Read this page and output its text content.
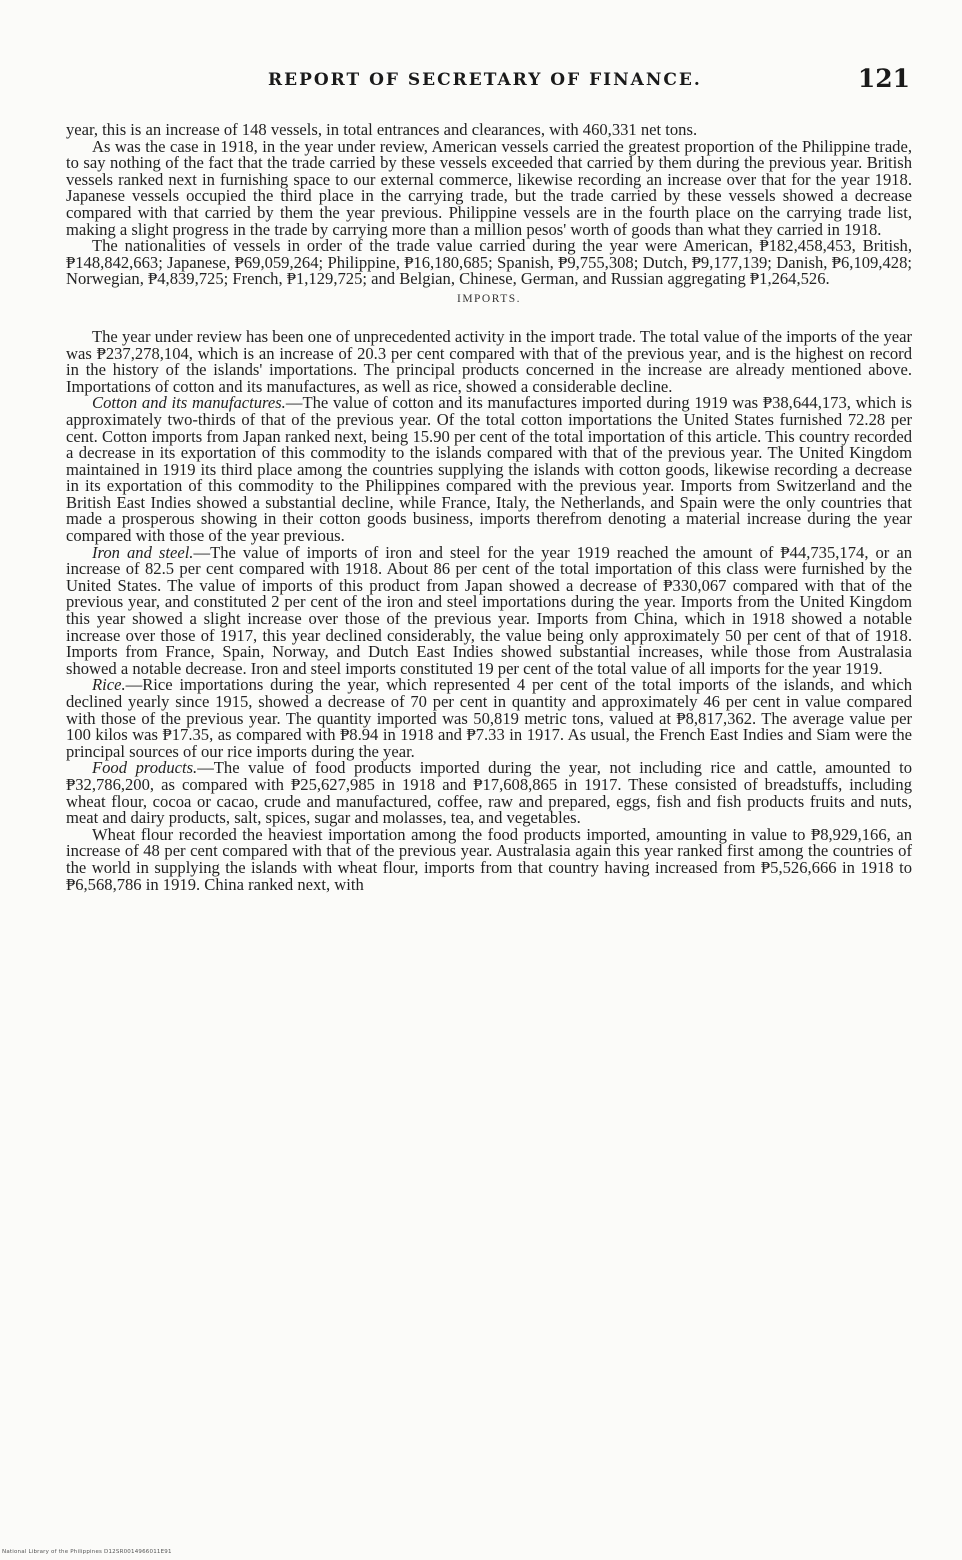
REPORT OF SECRETARY OF FINANCE.	121

year, this is an increase of 148 vessels, in total entrances and clearances, with 460,331 net tons.

As was the case in 1918, in the year under review, American vessels carried the greatest proportion of the Philippine trade, to say nothing of the fact that the trade carried by these vessels exceeded that carried by them during the previous year. British vessels ranked next in furnishing space to our external commerce, likewise recording an increase over that for the year 1918. Japanese vessels occupied the third place in the carrying trade, but the trade carried by these vessels showed a decrease compared with that carried by them the year previous. Philippine vessels are in the fourth place on the carrying trade list, making a slight progress in the trade by carrying more than a million pesos' worth of goods than what they carried in 1918.

The nationalities of vessels in order of the trade value carried during the year were American, ₱182,458,453, British, ₱148,842,663; Japanese, ₱69,059,264; Philippine, ₱16,180,685; Spanish, ₱9,755,308; Dutch, ₱9,177,139; Danish, ₱6,109,428; Norwegian, ₱4,839,725; French, ₱1,129,725; and Belgian, Chinese, German, and Russian aggregating ₱1,264,526.

IMPORTS.

The year under review has been one of unprecedented activity in the import trade. The total value of the imports of the year was ₱237,278,104, which is an increase of 20.3 per cent compared with that of the previous year, and is the highest on record in the history of the islands' importations. The principal products concerned in the increase are already mentioned above. Importations of cotton and its manufactures, as well as rice, showed a considerable decline.

Cotton and its manufactures.—The value of cotton and its manufactures imported during 1919 was ₱38,644,173, which is approximately two-thirds of that of the previous year. Of the total cotton importations the United States furnished 72.28 per cent. Cotton imports from Japan ranked next, being 15.90 per cent of the total importation of this article. This country recorded a decrease in its exportation of this commodity to the islands compared with that of the previous year. The United Kingdom maintained in 1919 its third place among the countries supplying the islands with cotton goods, likewise recording a decrease in its exportation of this commodity to the Philippines compared with the previous year. Imports from Switzerland and the British East Indies showed a substantial decline, while France, Italy, the Netherlands, and Spain were the only countries that made a prosperous showing in their cotton goods business, imports therefrom denoting a material increase during the year compared with those of the year previous.

Iron and steel.—The value of imports of iron and steel for the year 1919 reached the amount of ₱44,735,174, or an increase of 82.5 per cent compared with 1918. About 86 per cent of the total importation of this class were furnished by the United States. The value of imports of this product from Japan showed a decrease of ₱330,067 compared with that of the previous year, and constituted 2 per cent of the iron and steel importations during the year. Imports from the United Kingdom this year showed a slight increase over those of the previous year. Imports from China, which in 1918 showed a notable increase over those of 1917, this year declined considerably, the value being only approximately 50 per cent of that of 1918. Imports from France, Spain, Norway, and Dutch East Indies showed substantial increases, while those from Australasia showed a notable decrease. Iron and steel imports constituted 19 per cent of the total value of all imports for the year 1919.

Rice.—Rice importations during the year, which represented 4 per cent of the total imports of the islands, and which declined yearly since 1915, showed a decrease of 70 per cent in quantity and approximately 46 per cent in value compared with those of the previous year. The quantity imported was 50,819 metric tons, valued at ₱8,817,362. The average value per 100 kilos was ₱17.35, as compared with ₱8.94 in 1918 and ₱7.33 in 1917. As usual, the French East Indies and Siam were the principal sources of our rice imports during the year.

Food products.—The value of food products imported during the year, not including rice and cattle, amounted to ₱32,786,200, as compared with ₱25,627,985 in 1918 and ₱17,608,865 in 1917. These consisted of breadstuffs, including wheat flour, cocoa or cacao, crude and manufactured, coffee, raw and prepared, eggs, fish and fish products fruits and nuts, meat and dairy products, salt, spices, sugar and molasses, tea, and vegetables.

Wheat flour recorded the heaviest importation among the food products imported, amounting in value to ₱8,929,166, an increase of 48 per cent compared with that of the previous year. Australasia again this year ranked first among the countries of the world in supplying the islands with wheat flour, imports from that country having increased from ₱5,526,666 in 1918 to ₱6,568,786 in 1919. China ranked next, with

National Library of the Philippines D12SR0014966011E91
